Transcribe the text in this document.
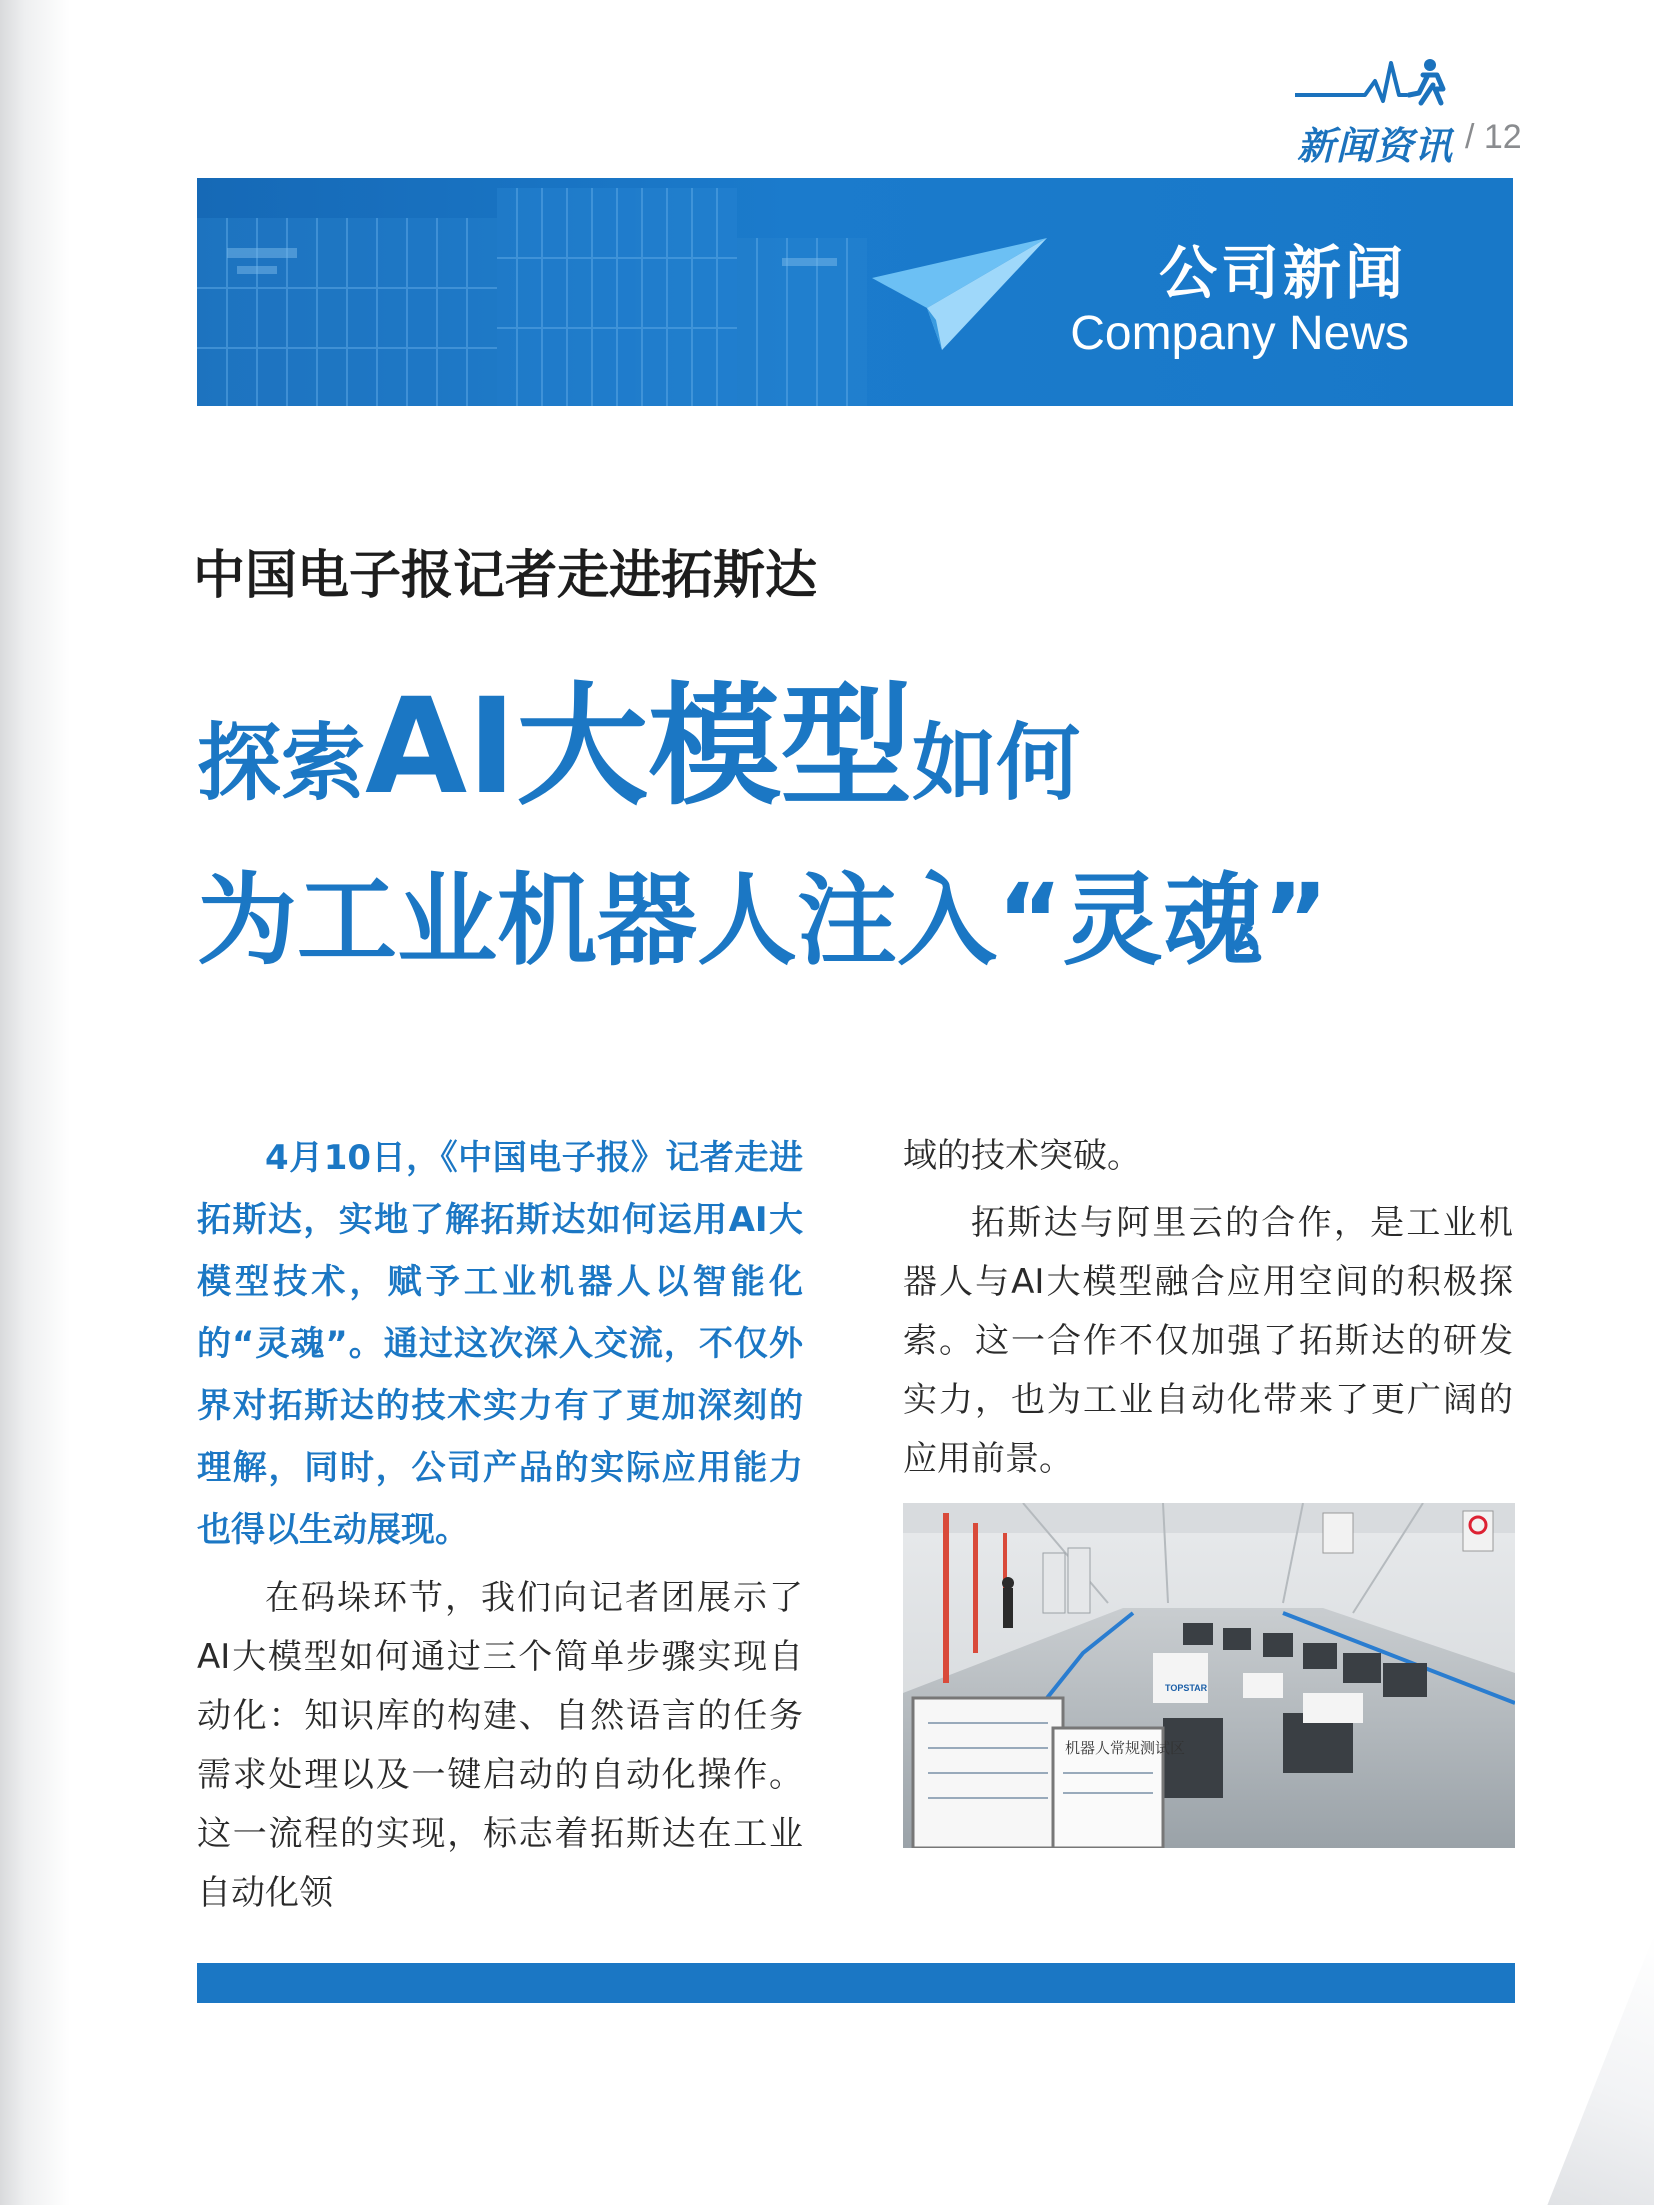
新闻资讯 / 12
公司新闻
Company News
中国电子报记者走进拓斯达
探索AI大模型如何
为工业机器人注入“灵魂”

4月10日，《中国电子报》记者走进拓斯达，实地了解拓斯达如何运用AI大模型技术，赋予工业机器人以智能化的“灵魂”。通过这次深入交流，不仅外界对拓斯达的技术实力有了更加深刻的理解，同时，公司产品的实际应用能力也得以生动展现。

在码垛环节，我们向记者团展示了AI大模型如何通过三个简单步骤实现自动化：知识库的构建、自然语言的任务需求处理以及一键启动的自动化操作。这一流程的实现，标志着拓斯达在工业自动化领

域的技术突破。

拓斯达与阿里云的合作，是工业机器人与AI大模型融合应用空间的积极探索。这一合作不仅加强了拓斯达的研发实力，也为工业自动化带来了更广阔的应用前景。

机器人常规测试区
TOPSTAR
